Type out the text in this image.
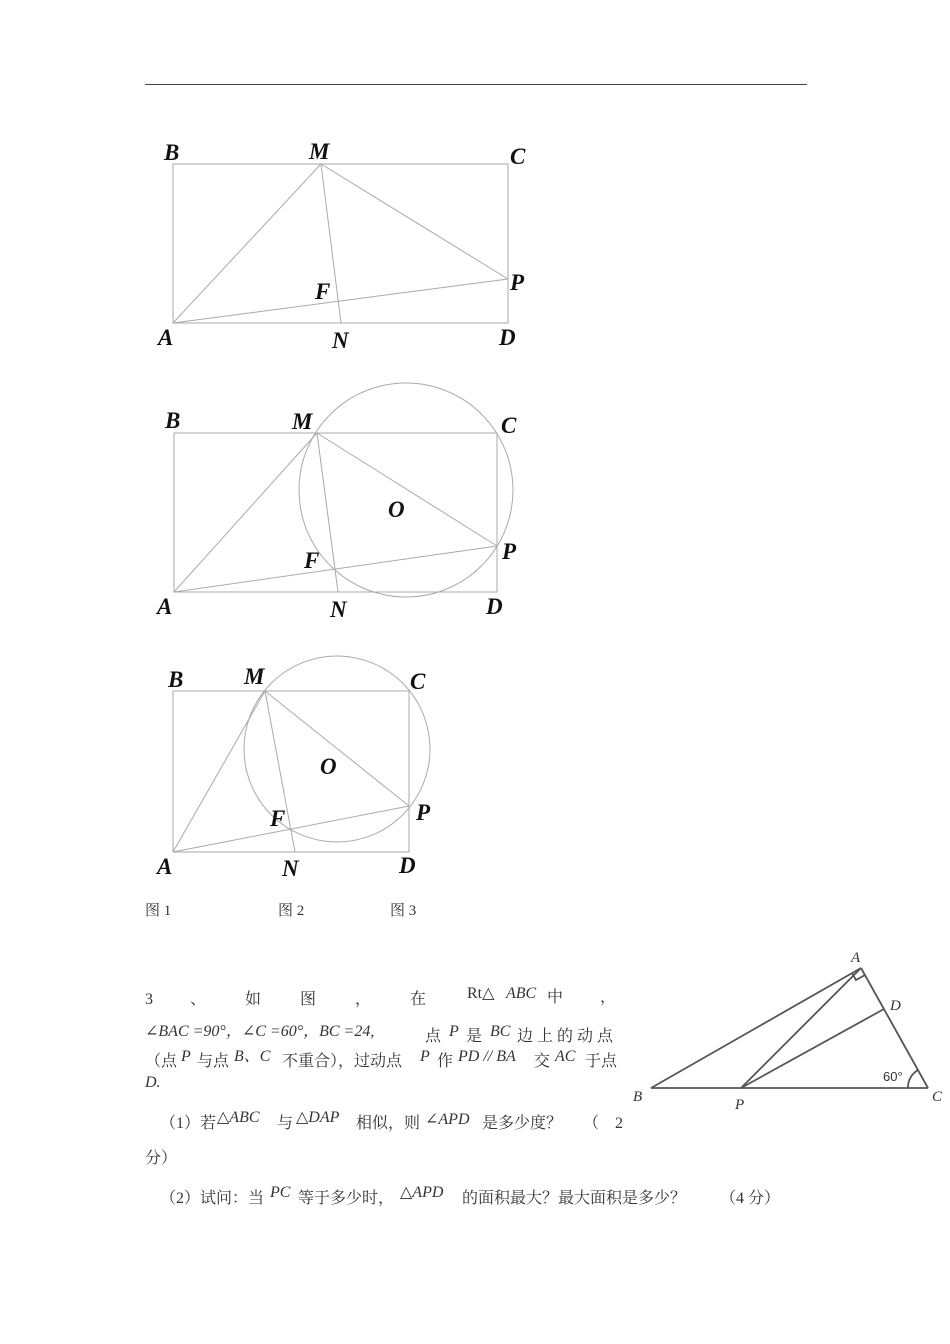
B	M	C
P
F
A	N	D
B	M	C
O
P
F
A	N	D
B	M	C
O
P
F
A	N	D
图 1	图 2	图 3
A
D
B	P	C
60°
3 、 如 图 ， 在	Rt△ ABC 中 ，
∠BAC =90°，∠C =60°，BC =24,	点 P 是 BC 边 上 的 动 点
（点 P 与点 B、C 不重合），过动点 P 作 PD // BA 交 AC 于点
D.
（1）若 △ABC 与 △DAP 相似，则 ∠APD 是多少度？ （　2
分）
（2）试问：当 PC 等于多少时， △APD 的面积最大？最大面积是多少？ （4 分）
